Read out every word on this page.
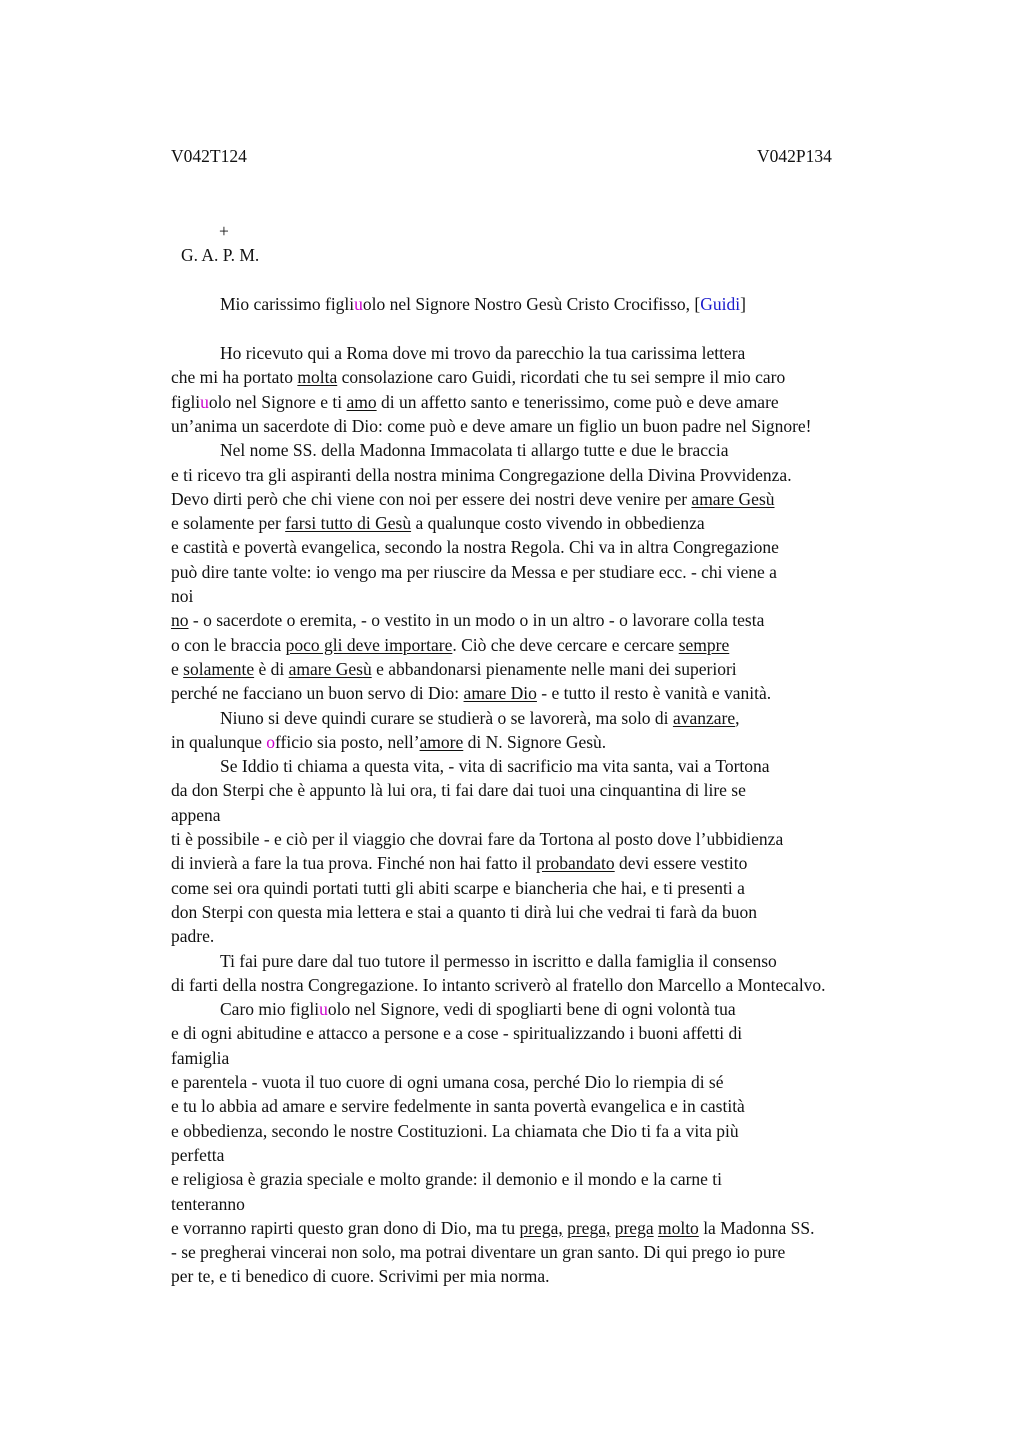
V042T124	V042P134
+
G. A. P. M.
Mio carissimo figliuolo nel Signore Nostro Gesù Cristo Crocifisso, [Guidi]
Ho ricevuto qui a Roma dove mi trovo da parecchio la tua carissima lettera
che mi ha portato molta consolazione caro Guidi, ricordati che tu sei sempre il mio caro
figliuolo nel Signore e ti amo di un affetto santo e tenerissimo, come può e deve amare
un’anima un sacerdote di Dio: come può e deve amare un figlio un buon padre nel Signore!
Nel nome SS. della Madonna Immacolata ti allargo tutte e due le braccia
e ti ricevo tra gli aspiranti della nostra minima Congregazione della Divina Provvidenza.
Devo dirti però che chi viene con noi per essere dei nostri deve venire per amare Gesù
e solamente per farsi tutto di Gesù a qualunque costo vivendo in obbedienza
e castità e povertà evangelica, secondo la nostra Regola. Chi va in altra Congregazione
può dire tante volte: io vengo ma per riuscire da Messa e per studiare ecc. - chi viene a
noi
no - o sacerdote o eremita, - o vestito in un modo o in un altro - o lavorare colla testa
o con le braccia poco gli deve importare. Ciò che deve cercare e cercare sempre
e solamente è di amare Gesù e abbandonarsi pienamente nelle mani dei superiori
perché ne facciano un buon servo di Dio: amare Dio - e tutto il resto è vanità e vanità.
Niuno si deve quindi curare se studierà o se lavorerà, ma solo di avanzare,
in qualunque officio sia posto, nell’amore di N. Signore Gesù.
Se Iddio ti chiama a questa vita, - vita di sacrificio ma vita santa, vai a Tortona
da don Sterpi che è appunto là lui ora, ti fai dare dai tuoi una cinquantina di lire se
appena
ti è possibile - e ciò per il viaggio che dovrai fare da Tortona al posto dove l’ubbidienza
di invierà a fare la tua prova. Finché non hai fatto il probandato devi essere vestito
come sei ora quindi portati tutti gli abiti scarpe e biancheria che hai, e ti presenti a
don Sterpi con questa mia lettera e stai a quanto ti dirà lui che vedrai ti farà da buon
padre.
Ti fai pure dare dal tuo tutore il permesso in iscritto e dalla famiglia il consenso
di farti della nostra Congregazione. Io intanto scriverò al fratello don Marcello a Montecalvo.
Caro mio figliuolo nel Signore, vedi di spogliarti bene di ogni volontà tua
e di ogni abitudine e attacco a persone e a cose - spiritualizzando i buoni affetti di
famiglia
e parentela - vuota il tuo cuore di ogni umana cosa, perché Dio lo riempia di sé
e tu lo abbia ad amare e servire fedelmente in santa povertà evangelica e in castità
e obbedienza, secondo le nostre Costituzioni. La chiamata che Dio ti fa a vita più
perfetta
e religiosa è grazia speciale e molto grande: il demonio e il mondo e la carne ti
tenteranno
e vorranno rapirti questo gran dono di Dio, ma tu prega, prega, prega molto la Madonna SS.
- se pregherai vincerai non solo, ma potrai diventare un gran santo. Di qui prego io pure
per te, e ti benedico di cuore. Scrivimi per mia norma.
